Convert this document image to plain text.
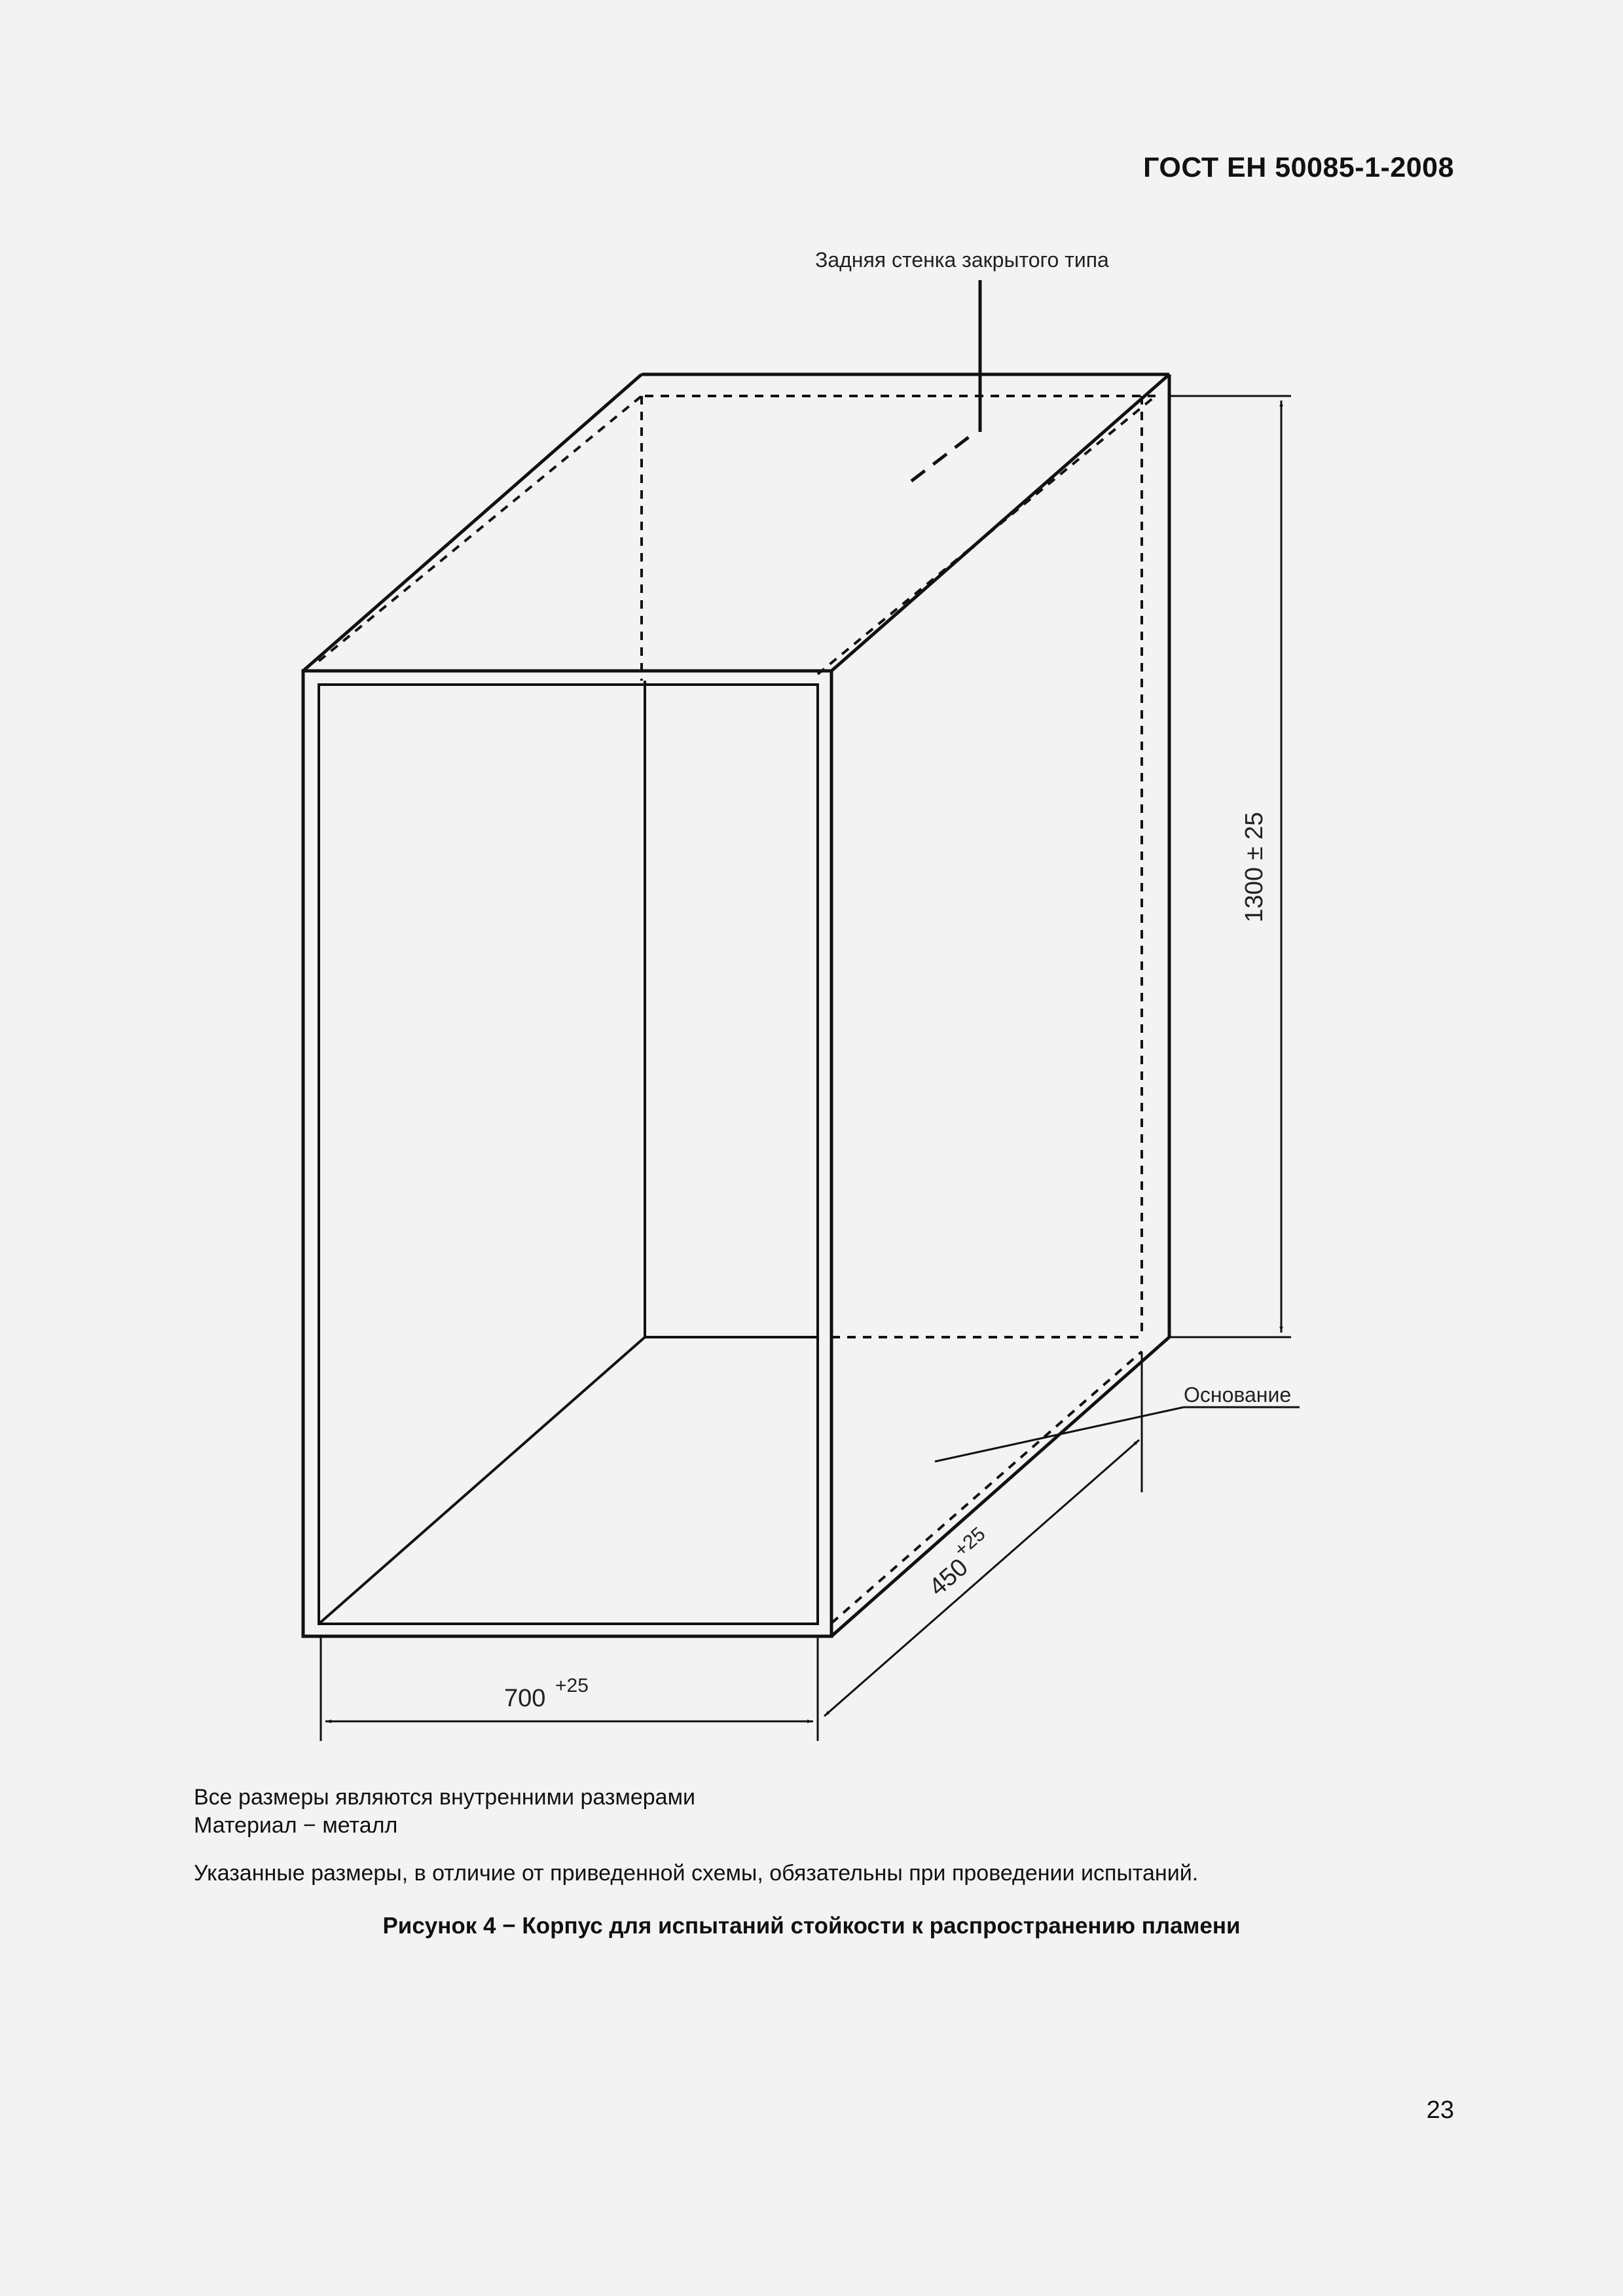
ГОСТ ЕН 50085-1-2008
Задняя стенка закрытого типа
Основание
1300 ± 25
700 +25
450
+25
Все размеры являются внутренними размерами
Материал − металл
Указанные размеры, в отличие от приведенной схемы, обязательны при проведении испытаний.
Рисунок 4 − Корпус для испытаний стойкости к распространению пламени
23
